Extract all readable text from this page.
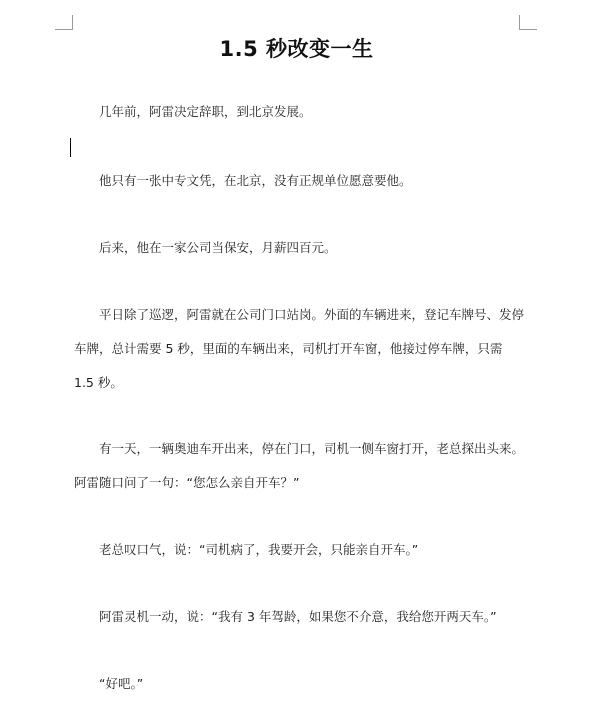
1.5 秒改变一生
几年前，阿雷决定辞职，到北京发展。
他只有一张中专文凭，在北京，没有正规单位愿意要他。
后来，他在一家公司当保安，月薪四百元。
平日除了巡逻，阿雷就在公司门口站岗。外面的车辆进来，登记车牌号、发停车牌，总计需要 5 秒，里面的车辆出来，司机打开车窗，他接过停车牌，只需 1.5 秒。
有一天，一辆奥迪车开出来，停在门口，司机一侧车窗打开，老总探出头来。阿雷随口问了一句：“您怎么亲自开车？”
老总叹口气，说：“司机病了，我要开会，只能亲自开车。”
阿雷灵机一动，说：“我有 3 年驾龄，如果您不介意，我给您开两天车。”
“好吧。”
